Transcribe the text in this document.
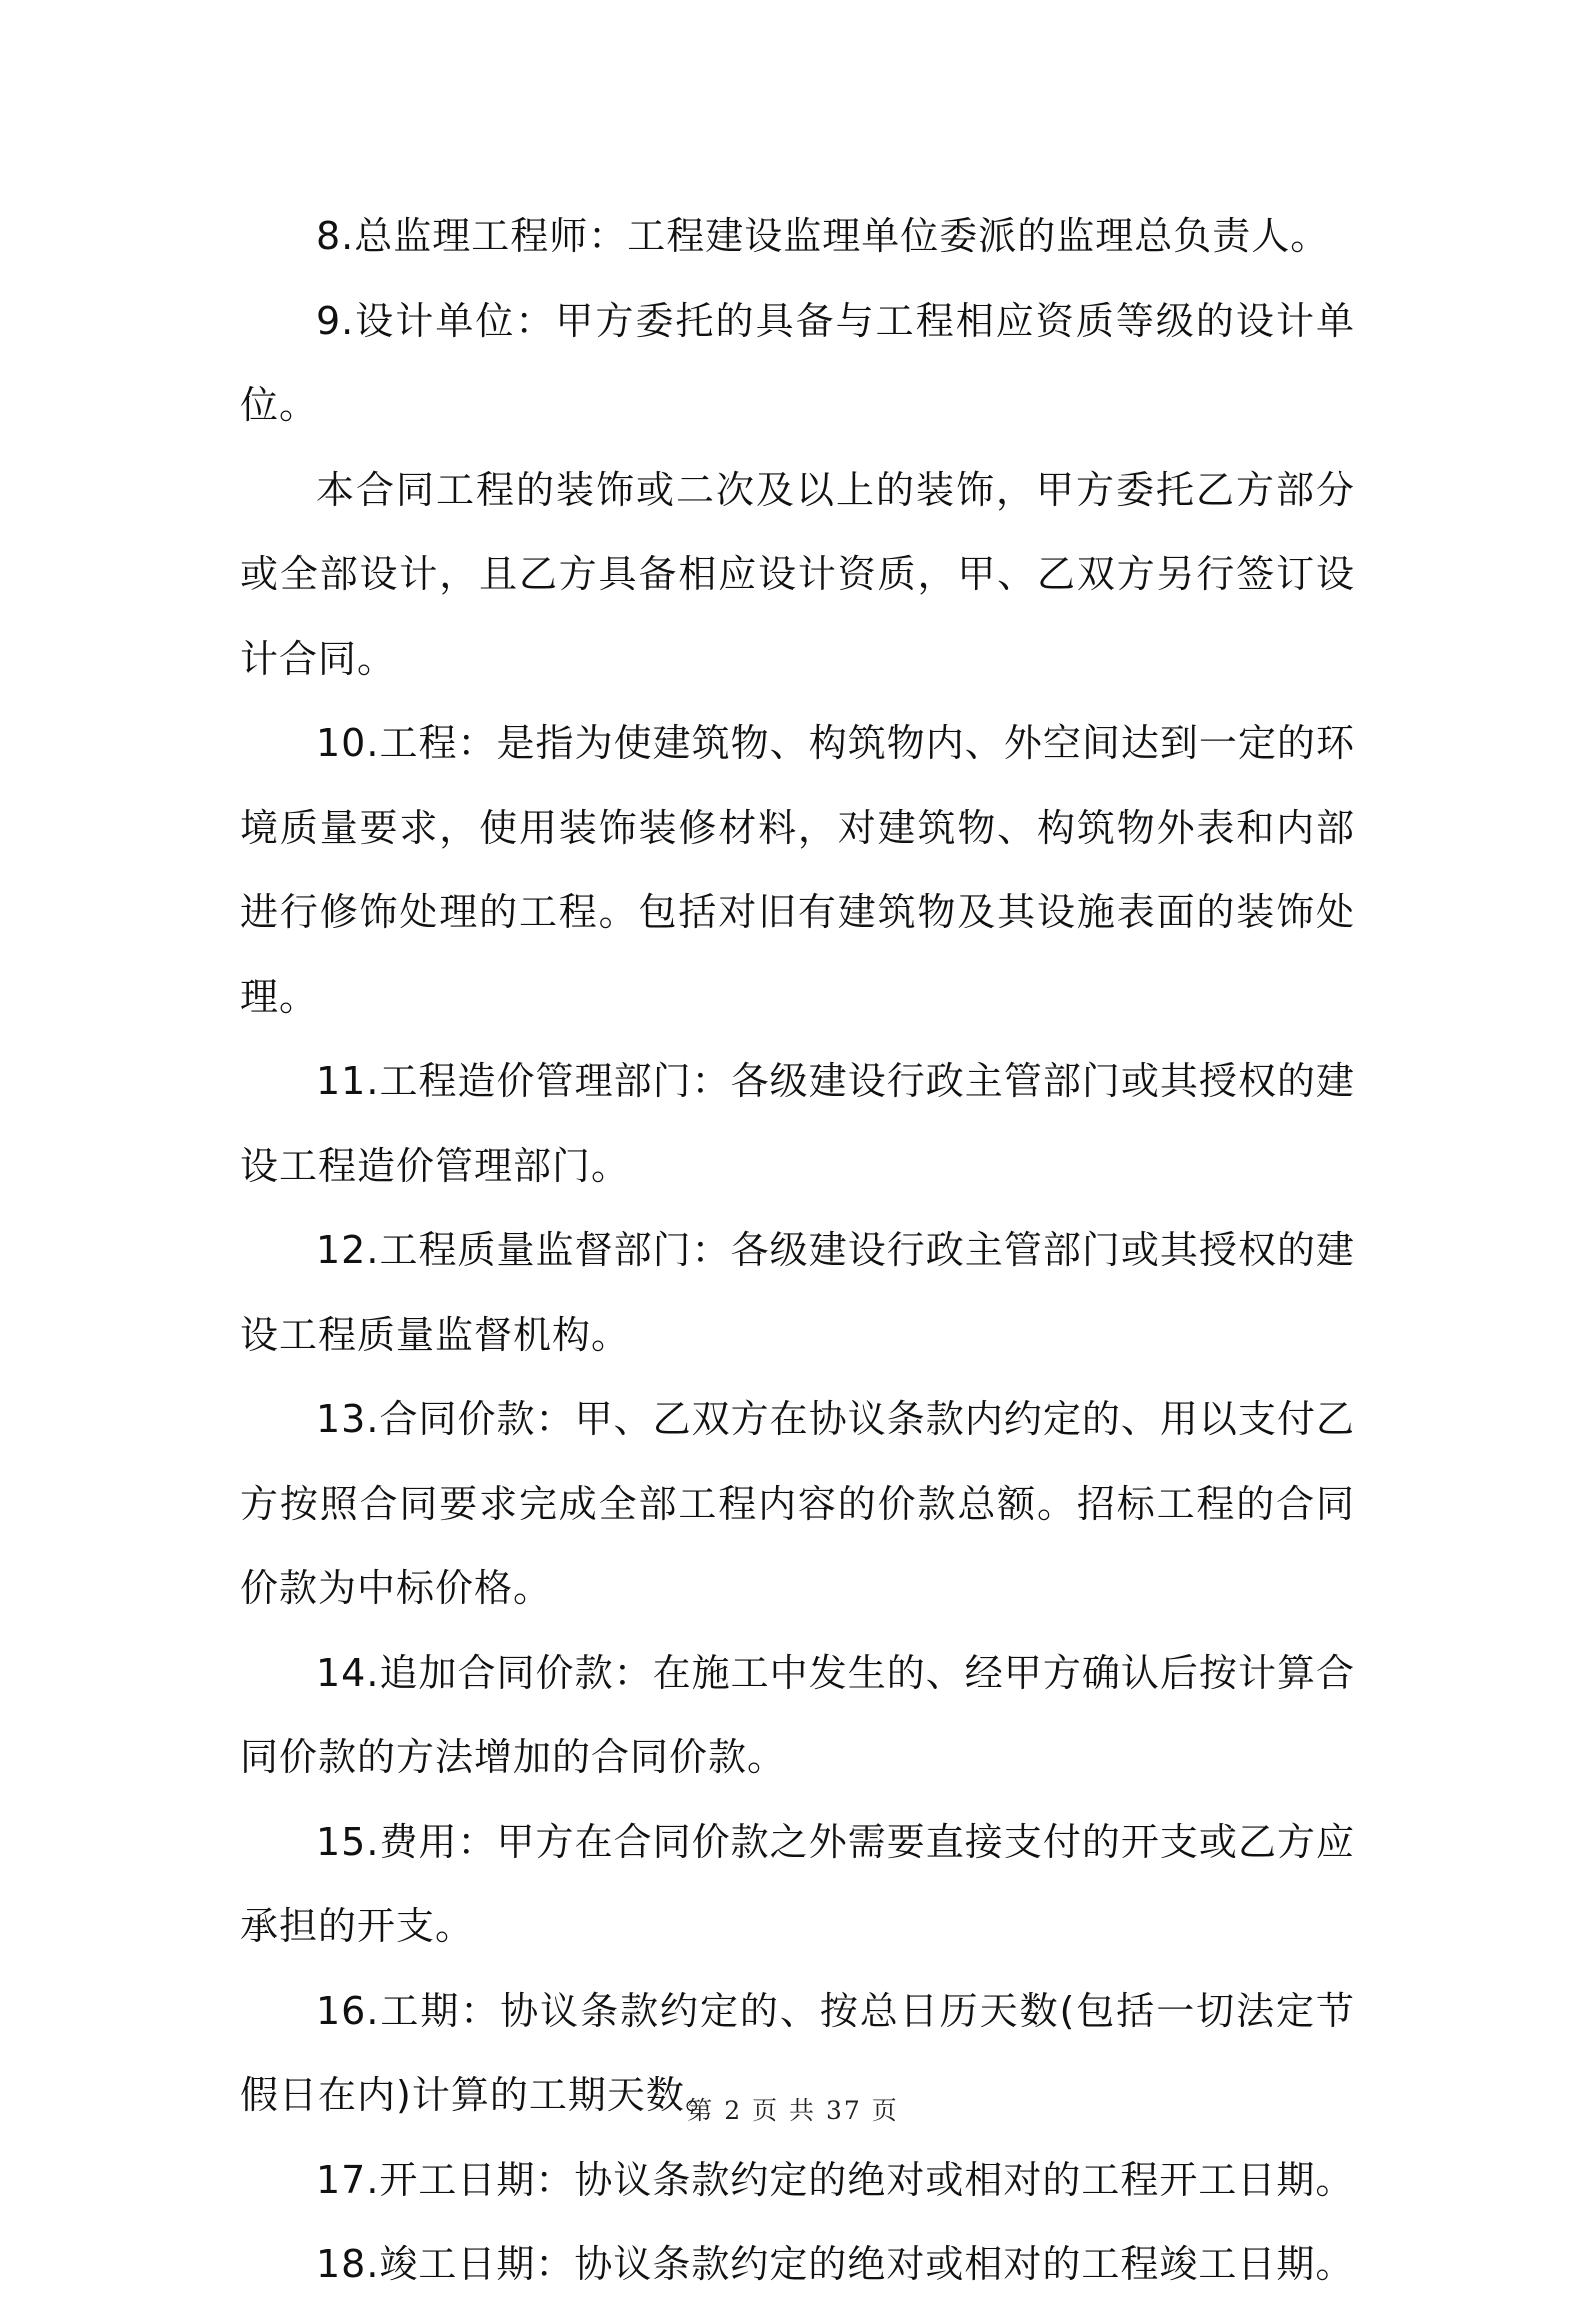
8.总监理工程师：工程建设监理单位委派的监理总负责人。

9.设计单位：甲方委托的具备与工程相应资质等级的设计单位。

本合同工程的装饰或二次及以上的装饰，甲方委托乙方部分或全部设计，且乙方具备相应设计资质，甲、乙双方另行签订设计合同。

10.工程：是指为使建筑物、构筑物内、外空间达到一定的环境质量要求，使用装饰装修材料，对建筑物、构筑物外表和内部进行修饰处理的工程。包括对旧有建筑物及其设施表面的装饰处理。

11.工程造价管理部门：各级建设行政主管部门或其授权的建设工程造价管理部门。

12.工程质量监督部门：各级建设行政主管部门或其授权的建设工程质量监督机构。

13.合同价款：甲、乙双方在协议条款内约定的、用以支付乙方按照合同要求完成全部工程内容的价款总额。招标工程的合同价款为中标价格。

14.追加合同价款：在施工中发生的、经甲方确认后按计算合同价款的方法增加的合同价款。

15.费用：甲方在合同价款之外需要直接支付的开支或乙方应承担的开支。

16.工期：协议条款约定的、按总日历天数(包括一切法定节假日在内)计算的工期天数。

17.开工日期：协议条款约定的绝对或相对的工程开工日期。

18.竣工日期：协议条款约定的绝对或相对的工程竣工日期。

第 2 页 共 37 页
